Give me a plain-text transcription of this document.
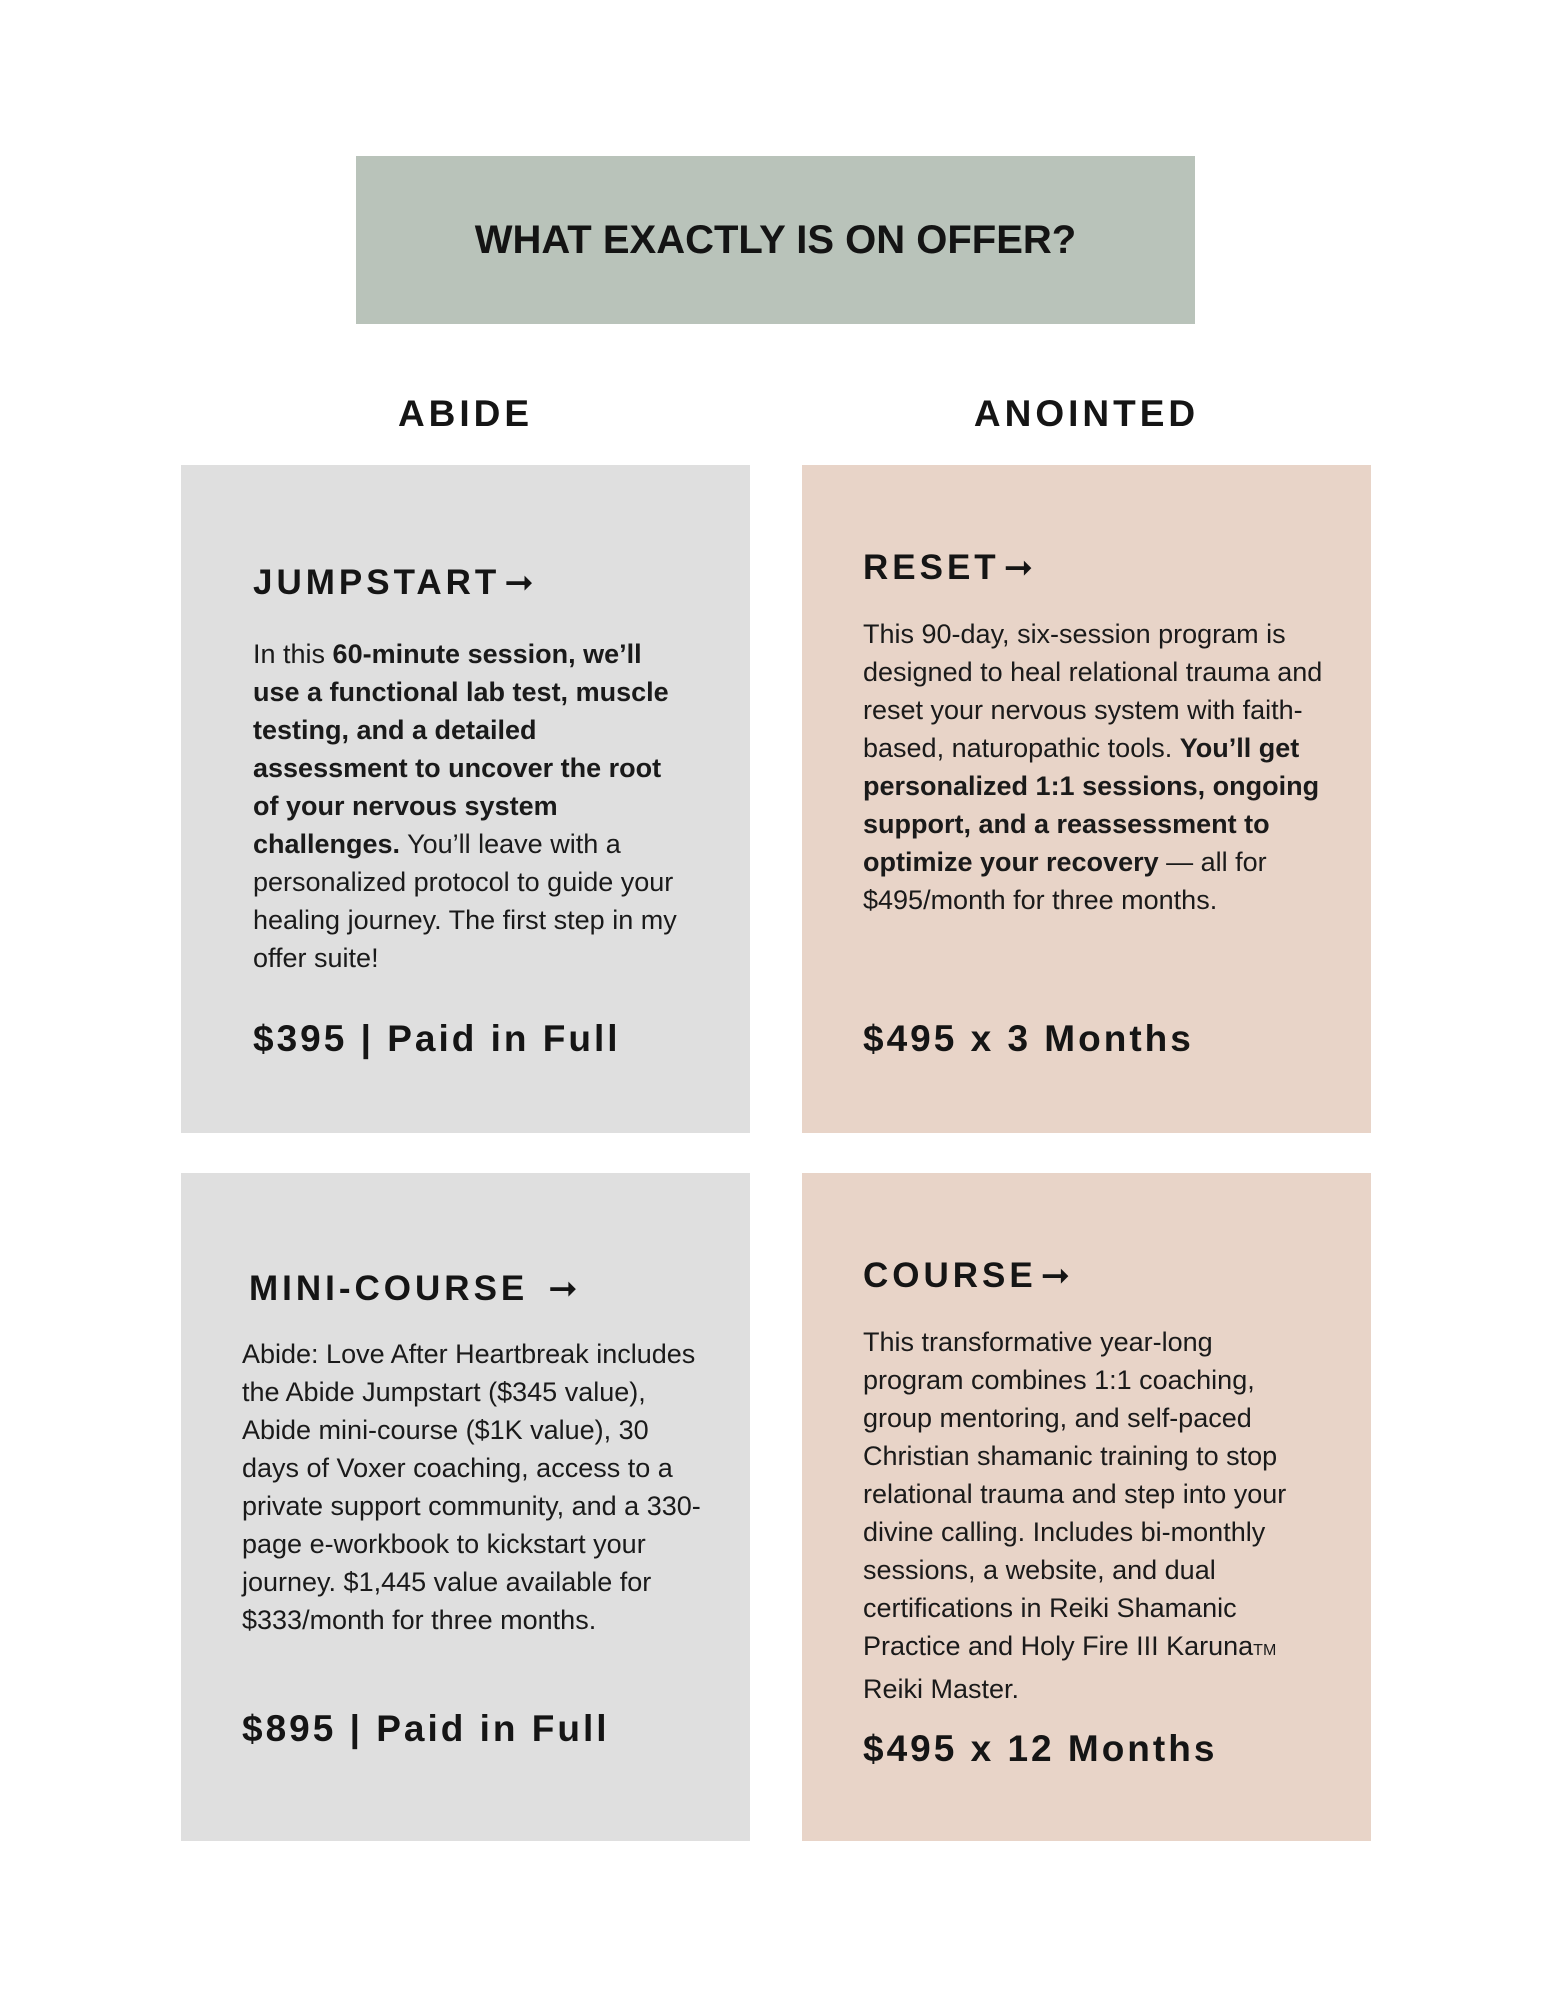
WHAT EXACTLY IS ON OFFER?
ABIDE	ANOINTED
JUMPSTART ➞

In this 60-minute session, we’ll use a functional lab test, muscle testing, and a detailed assessment to uncover the root of your nervous system challenges. You’ll leave with a personalized protocol to guide your healing journey. The first step in my offer suite!

$395 | Paid in Full
RESET ➞

This 90-day, six-session program is designed to heal relational trauma and reset your nervous system with faith-based, naturopathic tools. You’ll get personalized 1:1 sessions, ongoing support, and a reassessment to optimize your recovery — all for $495/month for three months.

$495 x 3 Months
MINI-COURSE ➞

Abide: Love After Heartbreak includes the Abide Jumpstart ($345 value), Abide mini-course ($1K value), 30 days of Voxer coaching, access to a private support community, and a 330-page e-workbook to kickstart your journey. $1,445 value available for $333/month for three months.

$895 | Paid in Full
COURSE ➞

This transformative year-long program combines 1:1 coaching, group mentoring, and self-paced Christian shamanic training to stop relational trauma and step into your divine calling. Includes bi-monthly sessions, a website, and dual certifications in Reiki Shamanic Practice and Holy Fire III KarunaTM Reiki Master.

$495 x 12 Months
